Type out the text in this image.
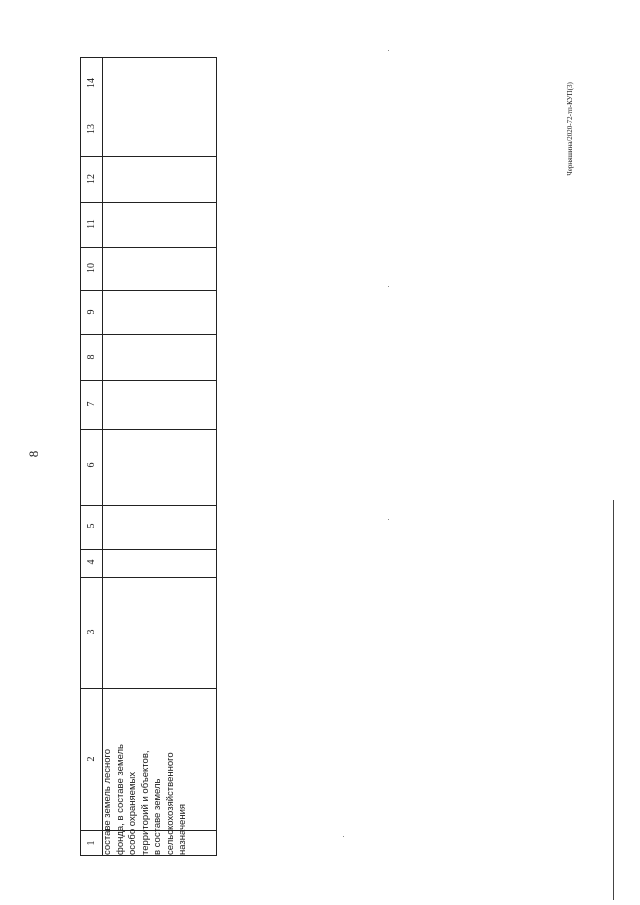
8
Черняшина/2020-72-тп-КУП(3)
1
2
3
4
5
6
7
8
9
10
11
12
13
14
составе земель лесного фонда, в составе земель особо охраняемых территорий и объектов, в составе земель сельскохозяйственного назначения
